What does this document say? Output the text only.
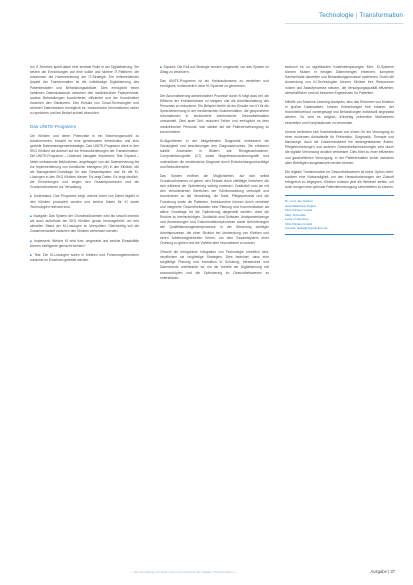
Technologie | Transformation

Ion IT-Services spielt dabei eine zentrale Rolle in der Digitalisierung. Sie setzen die Einrichtungen auf eine solide und sichere IT-Plattform, die zusammen die Harmonisierung der IT-Strategie. Ein entscheidender Aspekt der Transformation ist die vollständige Digitalisierung des Patientendaten und Behandlungsabläufe. Dies ermöglicht einen nahtlosen Datenaustausch zwischen den medizinischen Fachpersonal, sodass Behandlungen koordinierter, effizienter und die Koordination zwischen den Standorten. Den Einsatz von Cloud-Technologien und sicheren Datenbanken ermöglicht es, medizinische Informationen sicher zu speichern und bei Bedarf schnell abzurufen.

Das UNITE-Programm

Um Kliniken und deren Potenziale in ein Steuerungsmodell zu transformieren, braucht es eine gemeinsame Infrastruktur und eine gezielte Datenmanagementstrategie. Das UNITE-Programm dient in den SKG Kliniken als Antwort auf die Herausforderungen der Transformation. Die UNITE-Programm – Underset, Navigate, Implement, Test, Expand – bietet umfassende Maßnahmen, angefangen von der Datenerhebung bis zur Implementierung von Künstlicher Intelligenz (KI) in den Kliniken, die als Management-Grundlage für das Gesamtsystem und für die KI-Lösungen in den SKG Kliniken dienen. Es zeigt Daten. Es zeigt deutlich, die Einrichtungen und zeigen den Gesamtprozessen und die Grundmaßnahmen zur Verwaltung.

■ Understand: Das Programm zeigt, welche Arten von Daten täglich in den Kliniken produziert werden und welche Daten für KI sowie Technologien relevant sind.

■ Navigate: Das System der Grundmaßnahmen wird bis sowohl intensiv als auch außerhalb der SKG Kliniken genau herausgeführt, um den aktuellen Stand der KI-Lösungen zu überprüfen. Gleichzeitig soll die Zusammenarbeit zwischen den Kliniken verbessert werden.

■ Implement: Welche KI wird bzw. umgesetzt und welche Einsatzfälle können intelligente gemacht werden?

■ Test: Die KI-Lösungen sollen in Kliniken und Forschungsbereichen zunächst im Einzelnen getestet werden.

■ Expand: Die Roll-out-Strategie wurden umgesetzt, um das System im Alltag zu verankern.

Das UNITE-Programm ist als Kreislaufprozess zu verstehen und ermöglicht, kontinuierlich neue KI-Systeme zu generieren.

Der Automatisierung administrativer Prozesse durch KI trägt dazu bei, die Effizienz der Krankenhäuser zu steigern und die Arbeitsbelastung des Personals zu reduzieren. Ein Beispiel hierfür ist der Einsatz von KI für die Spracherkennung in der medizinischen Dokumentation, die gesprochene Informationen in strukturierte elektronische Gesundheitsdaten umwandelt. Dies spart Zeit, reduziert Fehler und ermöglicht es dem medizinischen Personal, sich stärker auf die Patientenversorgung zu konzentrieren.

KI-Algorithmen in der bildgebenden Diagnostik verbessern die Genauigkeit und beschleunigen den Diagnoseprozess. Sie erkennen subtile Anomalien in Bildern wie Röntgenaufnahmen, Computertomografie (CT) sowie Magnetresonanztomografie und unterstützen die medizinische Diagnose durch Entscheidungsvorschläge und Befundberichte.

Das System eröffnet die Möglichkeiten, auf sich selbst Grundmaßnahmen zu gehen, den Einsatz durch vielfältige Verfahren, die sich während der Optimierung wichtig erweisen. Zusätzlich sind sie mit den verschiedenen Bereichen der Klinikverwaltung verknüpft und koordinieren so die Verwaltung, die Ärzte, Pflegepersonal und die Forschung sowie die Patienten. Insbesondere können durch vernetzte und integrierte Gesundheitsdaten eine Planung und Kommunikation als aktive Grundlage für die Optimierung dargestellt werden, ohne die Routine zu beeinträchtigen. Zusätzlich sind Software, Analysewerkzeuge und Anwendungen und Dokumentationsprozesse sowie Anforderungen wie Qualitätsmanagementprozesse in der Steuerung wichtiger Arbeitsprozesse, die einer Struktur bei Verwendung von Kliniken und deren Arbeitsmöglichkeiten führen, um dem Gesamtsystem einer Ordnung zu geben und die Vorteile aller Innovationen zu nutzen.

Obwohl die erfolgreiche Integration von Technologie erheblich sind, verpflichten sie langfristige Strategien. Dies bedeutet, dass eine sorgfältige Planung und Investition in Schulung, Infrastruktur und Datenschutz unerlässlich ist, um die Vorteile der Digitalisierung voll auszuschöpfen und die Optimierung im Gesundheitswesen zu unterstützen.

wodurch es zu signifikanten Kosteneinsparungen führt. KI-Systeme können Muster in riesigen Datenmengen erkennen, komplexe Sachverhalte darstellen und Behandlungsprozesse optimieren. Durch die Anwendung von KI-Technologien können Kliniken ihre Ressourcen nutzen und Ablaufprozesse steuern, die Versorgungsqualität effizienter, wirtschaftlicher und mit besseren Ergebnissen für Patienten.

Mithilfe von Machine-Learning-Analysen, also das Erkennen von Mustern in großen Datensätzen, können Erkrankungen früh erkannt, der Krankheitsverlauf vorhergesagt und Behandlungen individuell angepasst werden. So wird es möglich, frühzeitig präventive Maßnahmen einzuleiten und Komplikationen zu vermeiden.

Unsere verändern sich Krankenhäuser von einem Ort der Versorgung zu einer modernen Anlaufstelle für Prävention, Diagnostik, Therapie und Nachsorge. Auch die Zusammenarbeit mit niedergelassenen Ärzten, Pflegeeinrichtungen und anderen Gesundheitseinrichtungen wird durch die digitale Vernetzung deutlich verbessert. Dies führt zu einer effizienten und ganzheitlichen Versorgung, in der Patientendaten sicher zwischen allen Beteiligten ausgetauscht werden können.

Die digitale Transformation im Gesundheitswesen ist keine Option mehr, sondern eine Notwendigkeit, um den Herausforderungen der Zukunft erfolgreich zu begegnen. Kliniken müssen jetzt die Weichen stellen, um auch morgen eine optimale Patientenversorgung sicherstellen zu können.

Dr. med. Jan Gärtner
Geschäftsführer Digital
SKG Kliniken GmbH
Marc Schneider
Leiter IT-Services
SKG Kliniken GmbH
Kontakt: digital@skg-kliniken.de
— Die Vernetzung von Daten ist ein Kernelement der digitalen Transformation —	Ausgabe | 37
